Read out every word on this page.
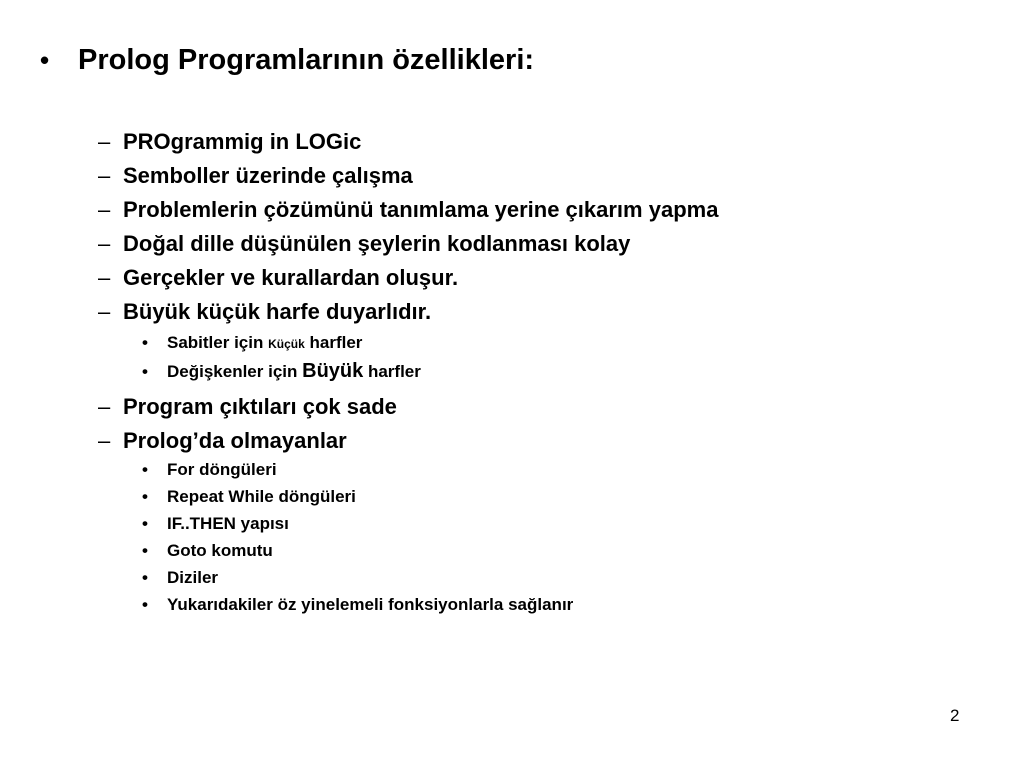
• Prolog Programlarının özellikleri:
– PROgrammig in LOGic
– Semboller üzerinde çalışma
– Problemlerin çözümünü tanımlama yerine çıkarım yapma
– Doğal dille düşünülen şeylerin kodlanması kolay
– Gerçekler ve kurallardan oluşur.
– Büyük küçük harfe duyarlıdır.
•	Sabitler için Küçük harfler
•	Değişkenler için Büyük harfler
– Program çıktıları çok sade
– Prolog’da olmayanlar
•	For döngüleri
•	Repeat While döngüleri
•	IF..THEN yapısı
•	Goto komutu
•	Diziler
•	Yukarıdakiler öz yinelemeli fonksiyonlarla sağlanır
2
